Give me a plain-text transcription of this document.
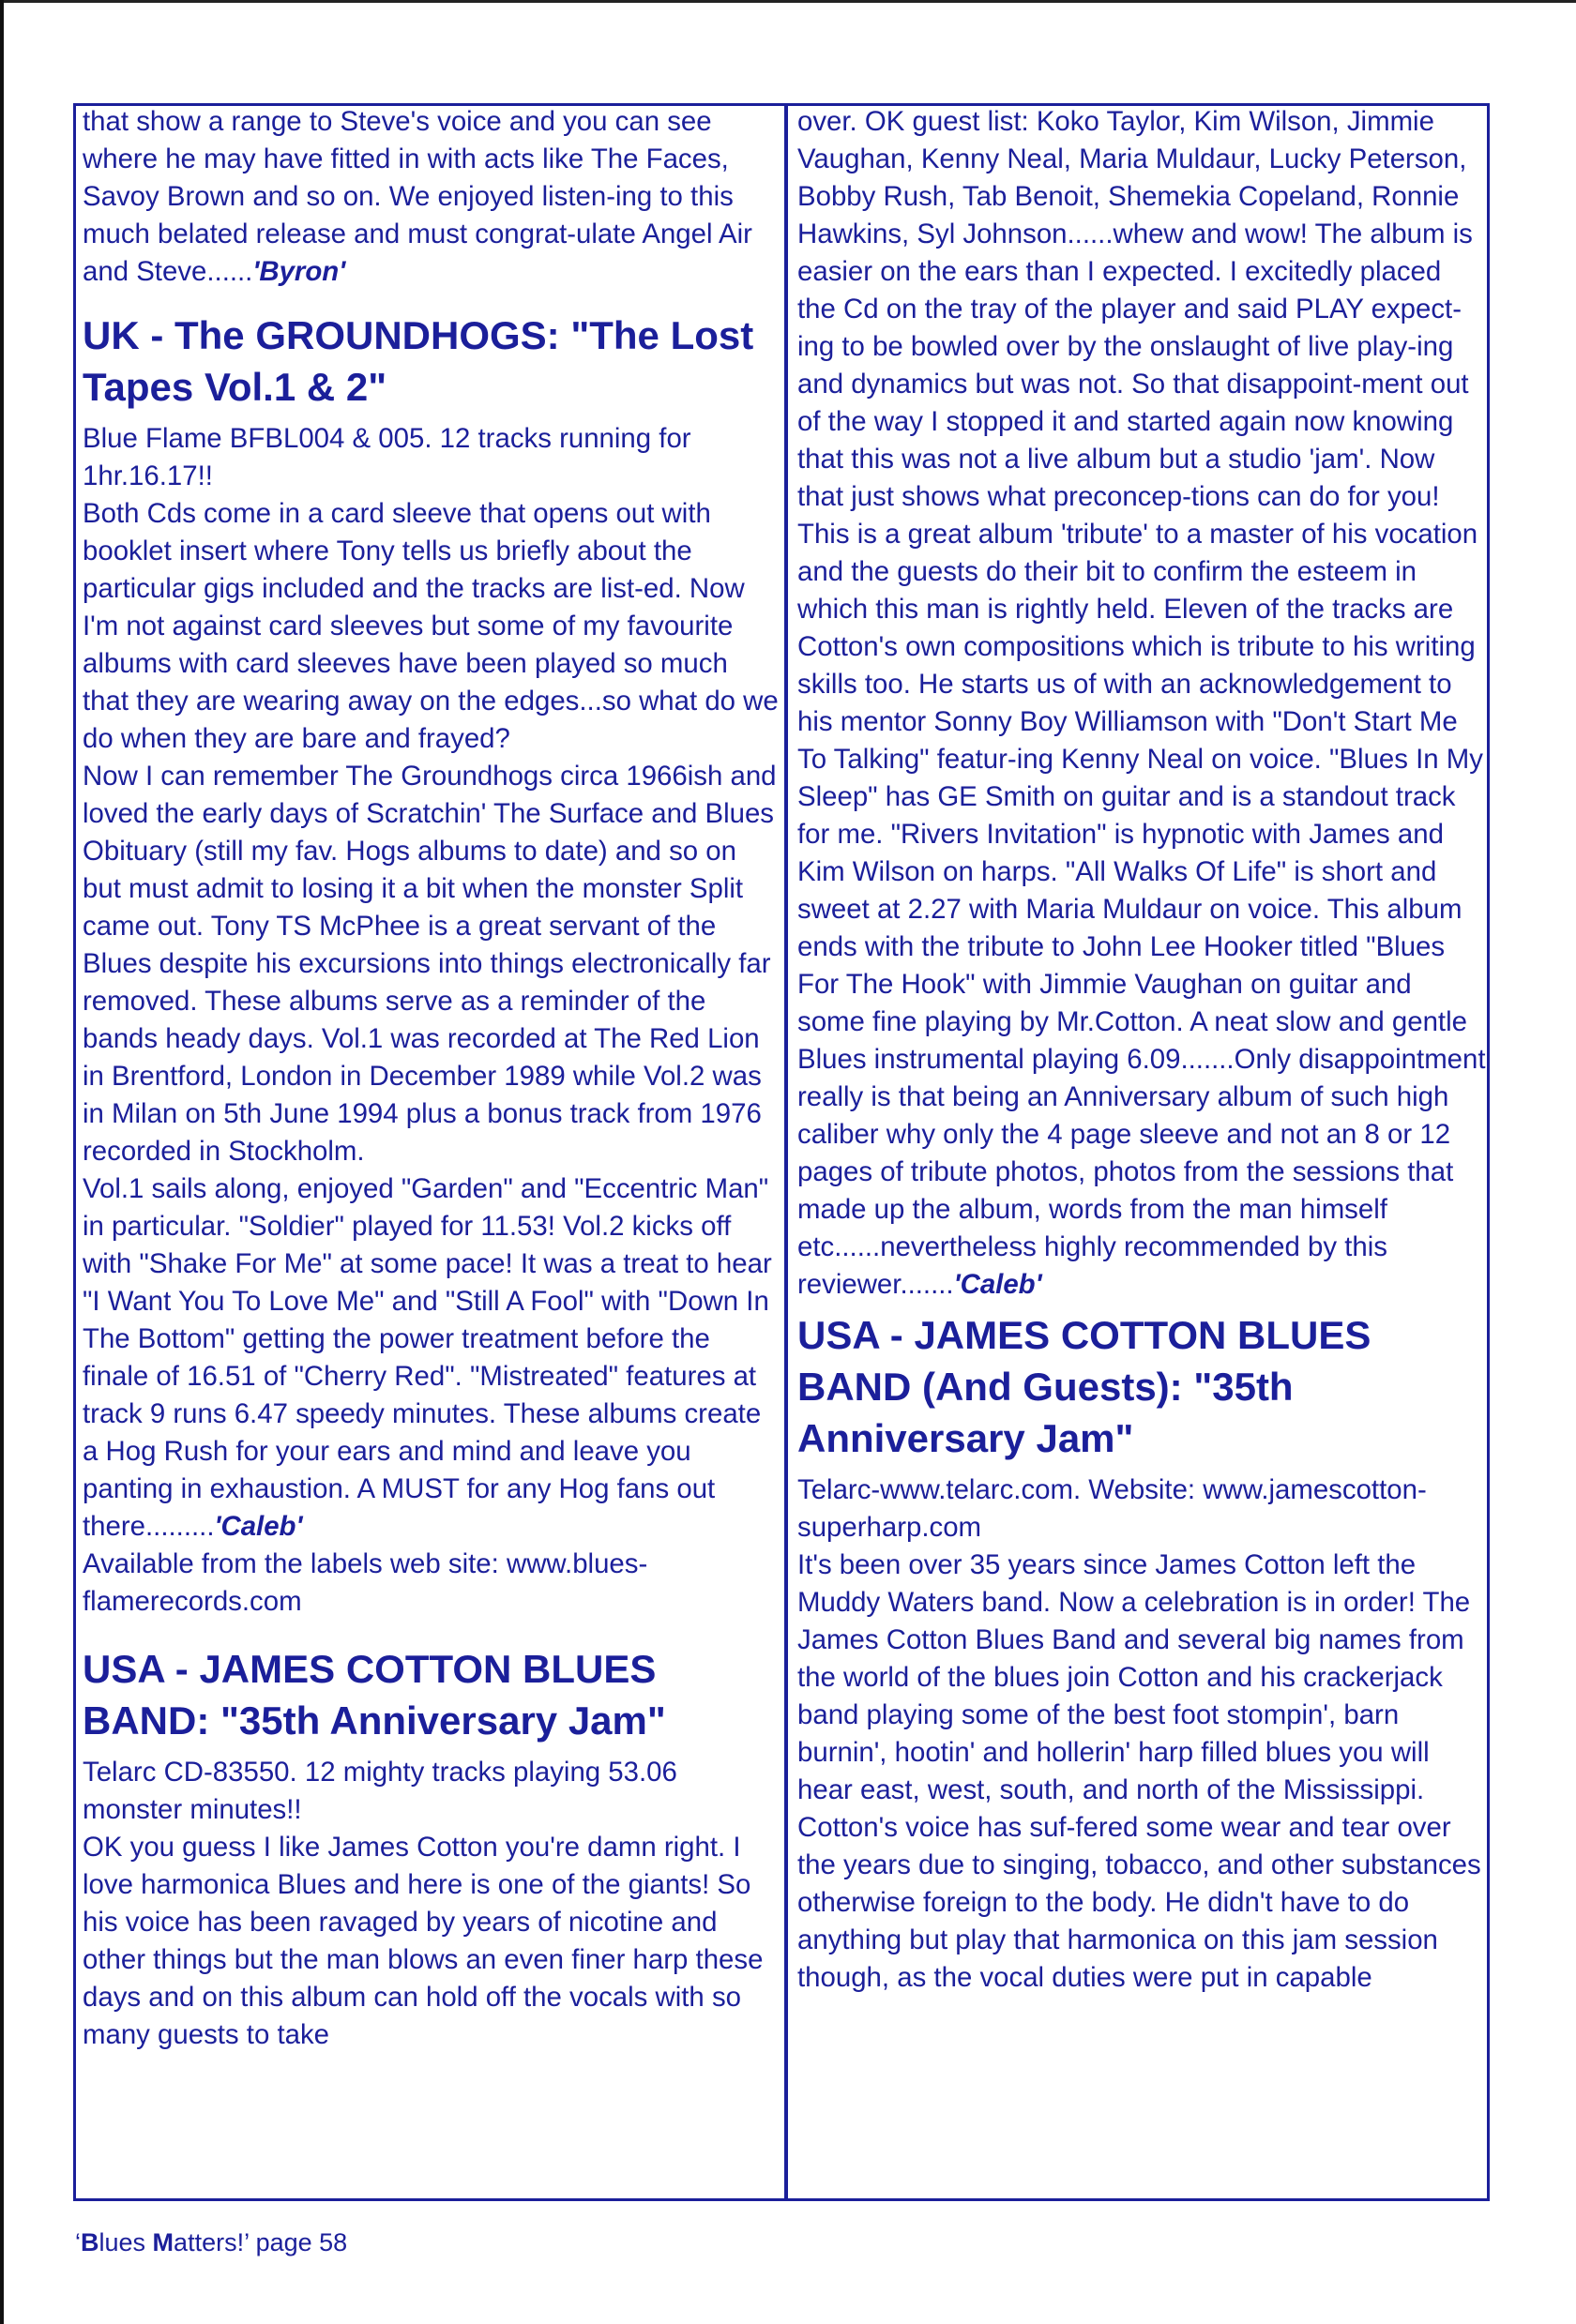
that show a range to Steve's voice and you can see where he may have fitted in with acts like The Faces, Savoy Brown and so on. We enjoyed listen-ing to this much belated release and must congrat-ulate Angel Air and Steve......'Byron'

UK - The GROUNDHOGS: "The Lost Tapes Vol.1 & 2"

Blue Flame BFBL004 & 005. 12 tracks running for 1hr.16.17!!

Both Cds come in a card sleeve that opens out with booklet insert where Tony tells us briefly about the particular gigs included and the tracks are list-ed. Now I'm not against card sleeves but some of my favourite albums with card sleeves have been played so much that they are wearing away on the edges...so what do we do when they are bare and frayed?

Now I can remember The Groundhogs circa 1966ish and loved the early days of Scratchin' The Surface and Blues Obituary (still my fav. Hogs albums to date) and so on but must admit to losing it a bit when the monster Split came out. Tony TS McPhee is a great servant of the Blues despite his excursions into things electronically far removed. These albums serve as a reminder of the bands heady days. Vol.1 was recorded at The Red Lion in Brentford, London in December 1989 while Vol.2 was in Milan on 5th June 1994 plus a bonus track from 1976 recorded in Stockholm.

Vol.1 sails along, enjoyed "Garden" and "Eccentric Man" in particular. "Soldier" played for 11.53! Vol.2 kicks off with "Shake For Me" at some pace! It was a treat to hear "I Want You To Love Me" and "Still A Fool" with "Down In The Bottom" getting the power treatment before the finale of 16.51 of "Cherry Red". "Mistreated" features at track 9 runs 6.47 speedy minutes. These albums create a Hog Rush for your ears and mind and leave you panting in exhaustion. A MUST for any Hog fans out there.........'Caleb'

Available from the labels web site: www.blues-flamerecords.com

USA - JAMES COTTON BLUES BAND: "35th Anniversary Jam"

Telarc CD-83550. 12 mighty tracks playing 53.06 monster minutes!!

OK you guess I like James Cotton you're damn right. I love harmonica Blues and here is one of the giants! So his voice has been ravaged by years of nicotine and other things but the man blows an even finer harp these days and on this album can hold off the vocals with so many guests to take

over. OK guest list: Koko Taylor, Kim Wilson, Jimmie Vaughan, Kenny Neal, Maria Muldaur, Lucky Peterson, Bobby Rush, Tab Benoit, Shemekia Copeland, Ronnie Hawkins, Syl Johnson......whew and wow! The album is easier on the ears than I expected. I excitedly placed the Cd on the tray of the player and said PLAY expect-ing to be bowled over by the onslaught of live play-ing and dynamics but was not. So that disappoint-ment out of the way I stopped it and started again now knowing that this was not a live album but a studio 'jam'. Now that just shows what preconcep-tions can do for you!

This is a great album 'tribute' to a master of his vocation and the guests do their bit to confirm the esteem in which this man is rightly held. Eleven of the tracks are Cotton's own compositions which is tribute to his writing skills too. He starts us of with an acknowledgement to his mentor Sonny Boy Williamson with "Don't Start Me To Talking" featur-ing Kenny Neal on voice. "Blues In My Sleep" has GE Smith on guitar and is a standout track for me. "Rivers Invitation" is hypnotic with James and Kim Wilson on harps. "All Walks Of Life" is short and sweet at 2.27 with Maria Muldaur on voice. This album ends with the tribute to John Lee Hooker titled "Blues For The Hook" with Jimmie Vaughan on guitar and some fine playing by Mr.Cotton. A neat slow and gentle Blues instrumental playing 6.09.......Only disappointment really is that being an Anniversary album of such high caliber why only the 4 page sleeve and not an 8 or 12 pages of tribute photos, photos from the sessions that made up the album, words from the man himself etc......nevertheless highly recommended by this reviewer.......'Caleb'

USA - JAMES COTTON BLUES BAND (And Guests): "35th Anniversary Jam"

Telarc-www.telarc.com. Website: www.jamescotton-superharp.com

It's been over 35 years since James Cotton left the Muddy Waters band. Now a celebration is in order! The James Cotton Blues Band and several big names from the world of the blues join Cotton and his crackerjack band playing some of the best foot stompin', barn burnin', hootin' and hollerin' harp filled blues you will hear east, west, south, and north of the Mississippi. Cotton's voice has suf-fered some wear and tear over the years due to singing, tobacco, and other substances otherwise foreign to the body. He didn't have to do anything but play that harmonica on this jam session though, as the vocal duties were put in capable

‘Blues Matters!’ page 58
